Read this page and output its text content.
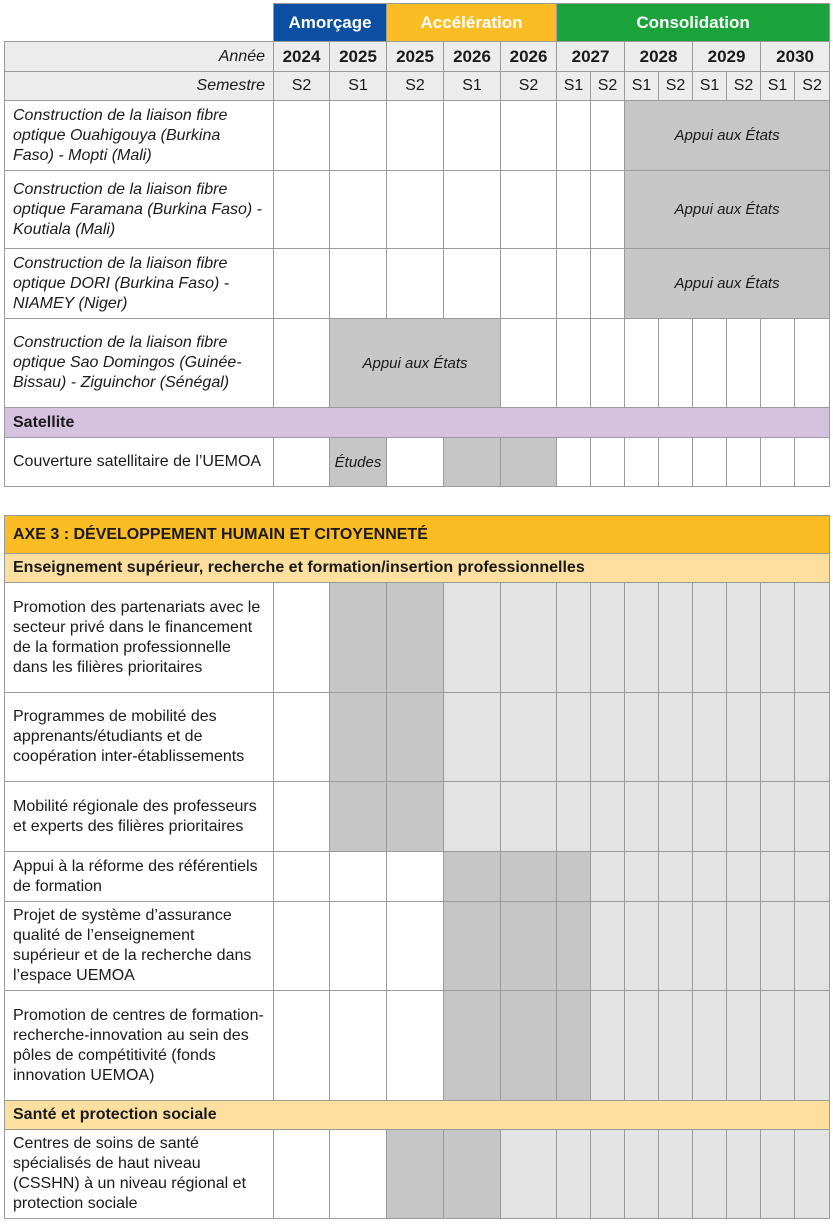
	Amorçage		Accélération			Consolidation								
Année	2024	2025	2025	2026	2026	2027		2028		2029		2030		
Semestre	S2	S1	S2	S1	S2	S1	S2	S1	S2	S1	S2	S1	S2	
Construction de la liaison fibre optique Ouahigouya (Burkina Faso) - Mopti (Mali)								Appui aux États						
Construction de la liaison fibre optique Faramana (Burkina Faso) - Koutiala (Mali)								Appui aux États						
Construction de la liaison fibre optique DORI (Burkina Faso) - NIAMEY (Niger)								Appui aux États						
Construction de la liaison fibre optique Sao Domingos (Guinée-Bissau) - Ziguinchor (Sénégal)		Appui aux États												
Satellite														
Couverture satellitaire de l’UEMOA		Études												
AXE 3 : DÉVELOPPEMENT HUMAIN ET CITOYENNETÉ														
Enseignement supérieur, recherche et formation/insertion professionnelles														
Promotion des partenariats avec le secteur privé dans le financement de la formation professionnelle dans les filières prioritaires														
Programmes de mobilité des apprenants/étudiants et de coopération inter-établissements														
Mobilité régionale des professeurs et experts des filières prioritaires														
Appui à la réforme des référentiels de formation														
Projet de système d’assurance qualité de l’enseignement supérieur et de la recherche dans l’espace UEMOA														
Promotion de centres de formation-recherche-innovation au sein des pôles de compétitivité (fonds innovation UEMOA)														
Santé et protection sociale														
Centres de soins de santé spécialisés de haut niveau (CSSHN) à un niveau régional et protection sociale														
